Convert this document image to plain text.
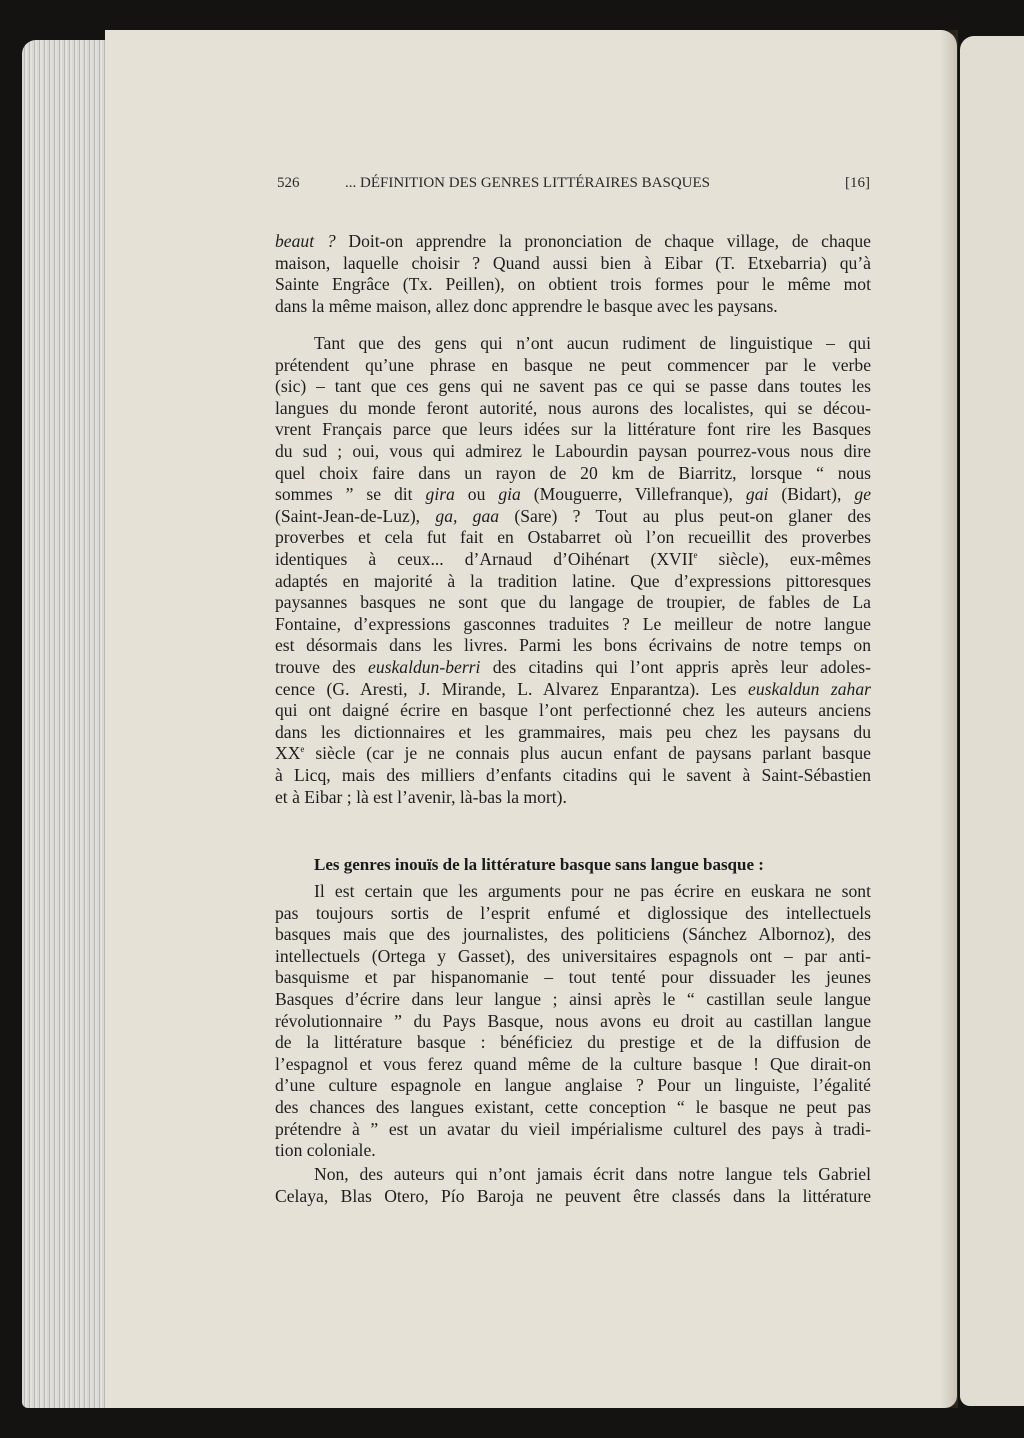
526	... DÉFINITION DES GENRES LITTÉRAIRES BASQUES	[16]
Les genres inouïs de la littérature basque sans langue basque :
beaut ? Doit-on apprendre la prononciation de chaque village, de chaque
maison, laquelle choisir ? Quand aussi bien à Eibar (T. Etxebarria) qu’à
Sainte Engrâce (Tx. Peillen), on obtient trois formes pour le même mot
dans la même maison, allez donc apprendre le basque avec les paysans.
Tant que des gens qui n’ont aucun rudiment de linguistique – qui
prétendent qu’une phrase en basque ne peut commencer par le verbe
(sic) – tant que ces gens qui ne savent pas ce qui se passe dans toutes les
langues du monde feront autorité, nous aurons des localistes, qui se décou-
vrent Français parce que leurs idées sur la littérature font rire les Basques
du sud ; oui, vous qui admirez le Labourdin paysan pourrez-vous nous dire
quel choix faire dans un rayon de 20 km de Biarritz, lorsque “ nous
sommes ” se dit gira ou gia (Mouguerre, Villefranque), gai (Bidart), ge
(Saint-Jean-de-Luz), ga, gaa (Sare) ? Tout au plus peut-on glaner des
proverbes et cela fut fait en Ostabarret où l’on recueillit des proverbes
identiques à ceux... d’Arnaud d’Oihénart (XVIIe siècle), eux-mêmes
adaptés en majorité à la tradition latine. Que d’expressions pittoresques
paysannes basques ne sont que du langage de troupier, de fables de La
Fontaine, d’expressions gasconnes traduites ? Le meilleur de notre langue
est désormais dans les livres. Parmi les bons écrivains de notre temps on
trouve des euskaldun-berri des citadins qui l’ont appris après leur adoles-
cence (G. Aresti, J. Mirande, L. Alvarez Enparantza). Les euskaldun zahar
qui ont daigné écrire en basque l’ont perfectionné chez les auteurs anciens
dans les dictionnaires et les grammaires, mais peu chez les paysans du
XXe siècle (car je ne connais plus aucun enfant de paysans parlant basque
à Licq, mais des milliers d’enfants citadins qui le savent à Saint-Sébastien
et à Eibar ; là est l’avenir, là-bas la mort).
Il est certain que les arguments pour ne pas écrire en euskara ne sont
pas toujours sortis de l’esprit enfumé et diglossique des intellectuels
basques mais que des journalistes, des politiciens (Sánchez Albornoz), des
intellectuels (Ortega y Gasset), des universitaires espagnols ont – par anti-
basquisme et par hispanomanie – tout tenté pour dissuader les jeunes
Basques d’écrire dans leur langue ; ainsi après le “ castillan seule langue
révolutionnaire ” du Pays Basque, nous avons eu droit au castillan langue
de la littérature basque : bénéficiez du prestige et de la diffusion de
l’espagnol et vous ferez quand même de la culture basque ! Que dirait-on
d’une culture espagnole en langue anglaise ? Pour un linguiste, l’égalité
des chances des langues existant, cette conception “ le basque ne peut pas
prétendre à ” est un avatar du vieil impérialisme culturel des pays à tradi-
tion coloniale.
Non, des auteurs qui n’ont jamais écrit dans notre langue tels Gabriel
Celaya, Blas Otero, Pío Baroja ne peuvent être classés dans la littérature
